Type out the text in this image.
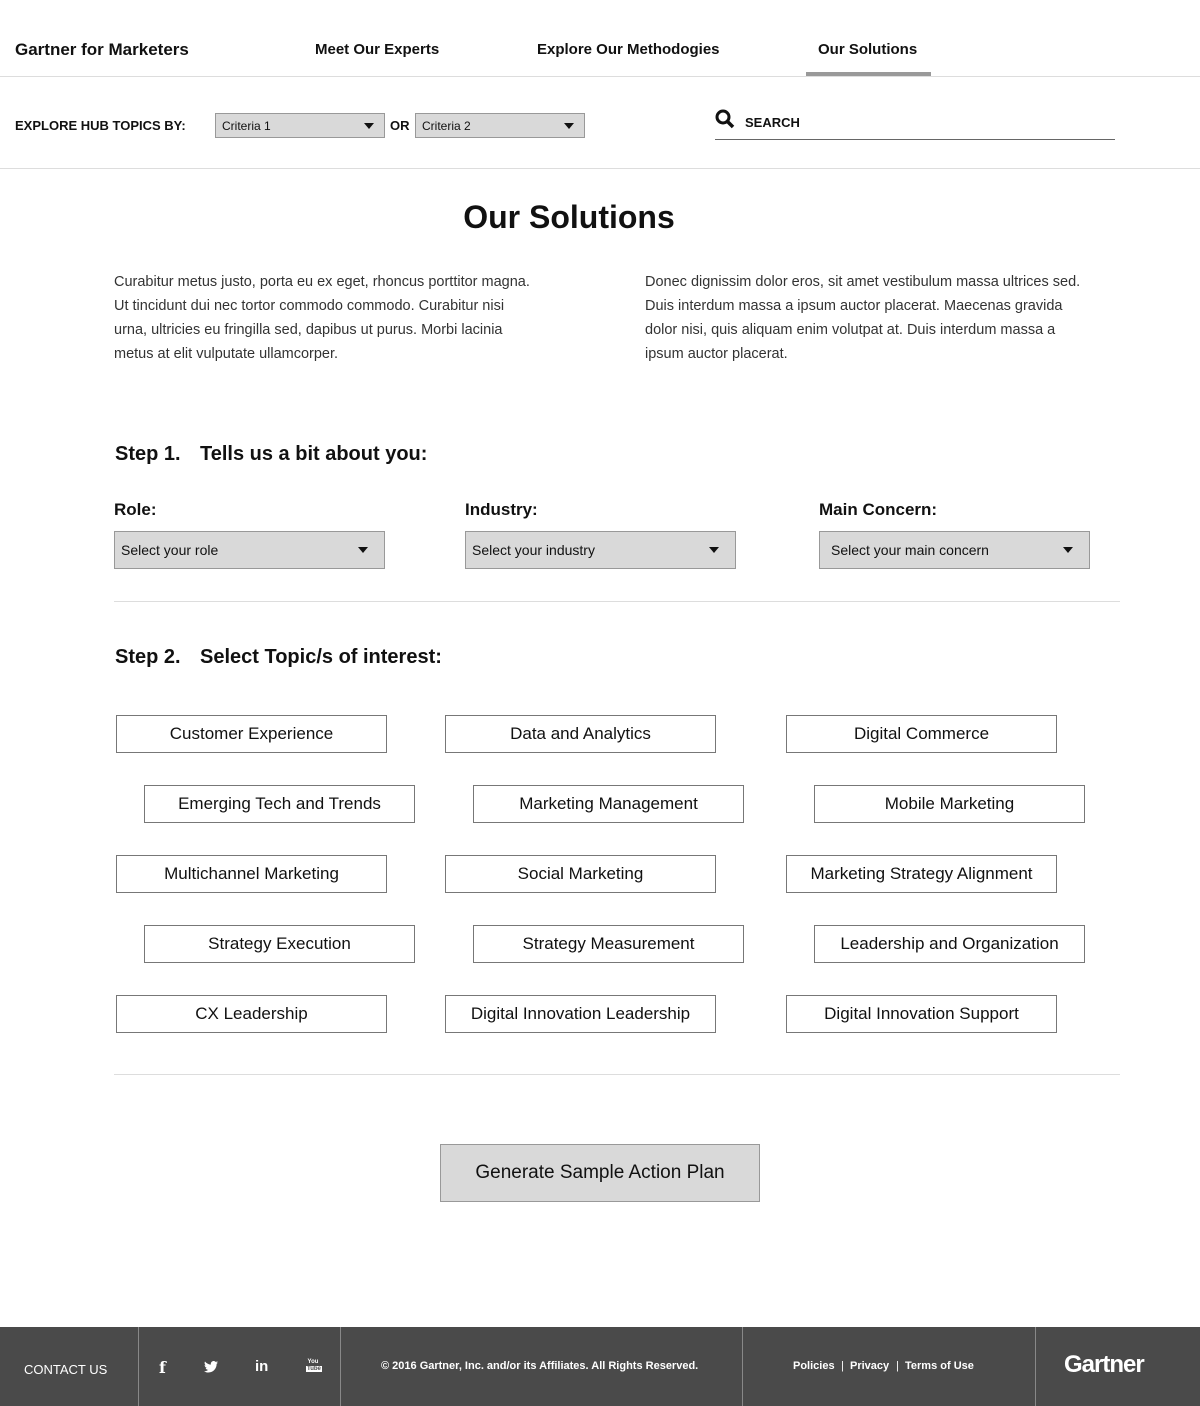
Gartner for Marketers	Meet Our Experts	Explore Our Methodogies	Our Solutions
EXPLORE HUB TOPICS BY:	Criteria 1	OR Criteria 2	SEARCH
Our Solutions
Curabitur metus justo, porta eu ex eget, rhoncus porttitor magna. Ut tincidunt dui nec tortor commodo commodo. Curabitur nisi urna, ultricies eu fringilla sed, dapibus ut purus. Morbi lacinia metus at elit vulputate ullamcorper.
Donec dignissim dolor eros, sit amet vestibulum massa ultrices sed. Duis interdum massa a ipsum auctor placerat. Maecenas gravida dolor nisi, quis aliquam enim volutpat at. Duis interdum massa a ipsum auctor placerat.
Step 1. Tells us a bit about you:
Role:	Industry:	Main Concern:
Select your role	Select your industry	Select your main concern
Step 2. Select Topic/s of interest:
Customer Experience	Data and Analytics	Digital Commerce
Emerging Tech and Trends	Marketing Management	Mobile Marketing
Multichannel Marketing	Social Marketing	Marketing Strategy Alignment
Strategy Execution	Strategy Measurement	Leadership and Organization
CX Leadership	Digital Innovation Leadership	Digital Innovation Support
Generate Sample Action Plan
CONTACT US	f	in	You
Tube	© 2016 Gartner, Inc. and/or its Affiliates. All Rights Reserved.	Policies | Privacy | Terms of Use	Gartner
